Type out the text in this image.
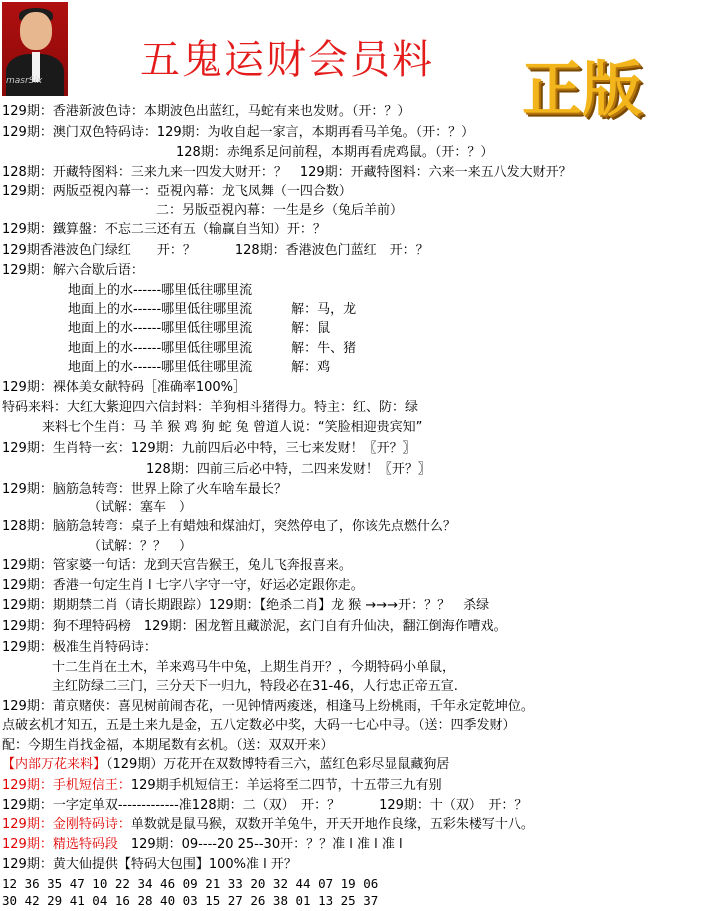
masrSix 五鬼运财会员料 正版
129期：香港新波色诗：本期波色出蓝红，马蛇有来也发财。（开：？）
129期：澳门双色特码诗：129期：为收自起一家言，本期再看马羊兔。（开：？）
128期：赤绳系足问前程，本期再看虎鸡鼠。（开：？）
128期：开藏特图料：三来九来一四发大财开：？　129期：开藏特图料：六来一来五八发大财开？
129期：两版亞視內幕一：亞視內幕：龙飞凤舞（一四合数）
二：另版亞視內幕：一生是乡（兔后羊前）
129期：鐵算盤：不忘二三还有五（输赢自当知）开：？
129期香港波色门绿红　　开：？　　　128期：香港波色门蓝红　开：？
129期：解六合歇后语：
地面上的水------哪里低往哪里流
地面上的水------哪里低往哪里流　　　解：马，龙
地面上的水------哪里低往哪里流　　　解：鼠
地面上的水------哪里低往哪里流　　　解：牛、猪
地面上的水------哪里低往哪里流　　　解：鸡
129期：裸体美女献特码［准确率100%］
特码来料：大红大紫迎四六信封料：羊狗相斗猪得力。特主：红、防：绿
来料七个生肖：马 羊 猴 鸡 狗 蛇 兔 曾道人说：“笑脸相迎贵宾知”
129期：生肖特一玄：129期：九前四后必中特，三七来发财！〖开？〗
128期：四前三后必中特，二四来发财！〖开？〗
129期：脑筋急转弯：世界上除了火车啥车最长？
（试解：塞车　）
128期：脑筋急转弯：桌子上有蜡烛和煤油灯，突然停电了，你该先点燃什么？
（试解：？？　）
129期：管家婆一句话：龙到天宫告猴王，兔儿飞奔报喜来。
129期：香港一句定生肖 l 七字八字守一守，好运必定跟你走。
129期：期期禁二肖（请长期跟踪）129期：【绝杀二肖】龙 猴 →→→开：？？　杀绿
129期：狗不理特码榜　129期：困龙暂且藏淤泥，玄门自有升仙决，翻江倒海作嘈戏。
129期：极准生肖特码诗：
十二生肖在土木，羊来鸡马牛中兔，上期生肖开？，今期特码小单鼠，
主红防绿二三门，三分天下一归九，特段必在31-46，人行忠正帝五宣.
129期：莆京赌侠：喜见树前闹杏花，一见钟情两痠迷，相逢马上纷桃雨，千年永定乾坤位。
点破玄机才知五，五是土来九是金，五八定数必中奖，大码一七心中寻。（送：四季发财）
配：今期生肖找金福，本期尾数有玄机。（送：双双开来）
【内部万花来料】（129期）万花开在双数博特看三六，蓝红色彩尽显鼠藏狗居
129期：手机短信王：129期手机短信王：羊运将至二四节，十五带三九有别
129期：一字定单双-------------准128期：二（双）　开：？　　　129期：十（双）　开：？
129期：金刚特码诗：单数就是鼠马猴，双数开羊兔牛，开天开地作良缘，五彩朱楼写十八。
129期：精选特码段　129期：09----20 25--30开：？？准 l 准 l 准 l
129期：黄大仙提供【特码大包围】100%准 l 开？
12 36 35 47 10 22 34 46 09 21 33 20 32 44 07 19 06
30 42 29 41 04 16 28 40 03 15 27 26 38 01 13 25 37
